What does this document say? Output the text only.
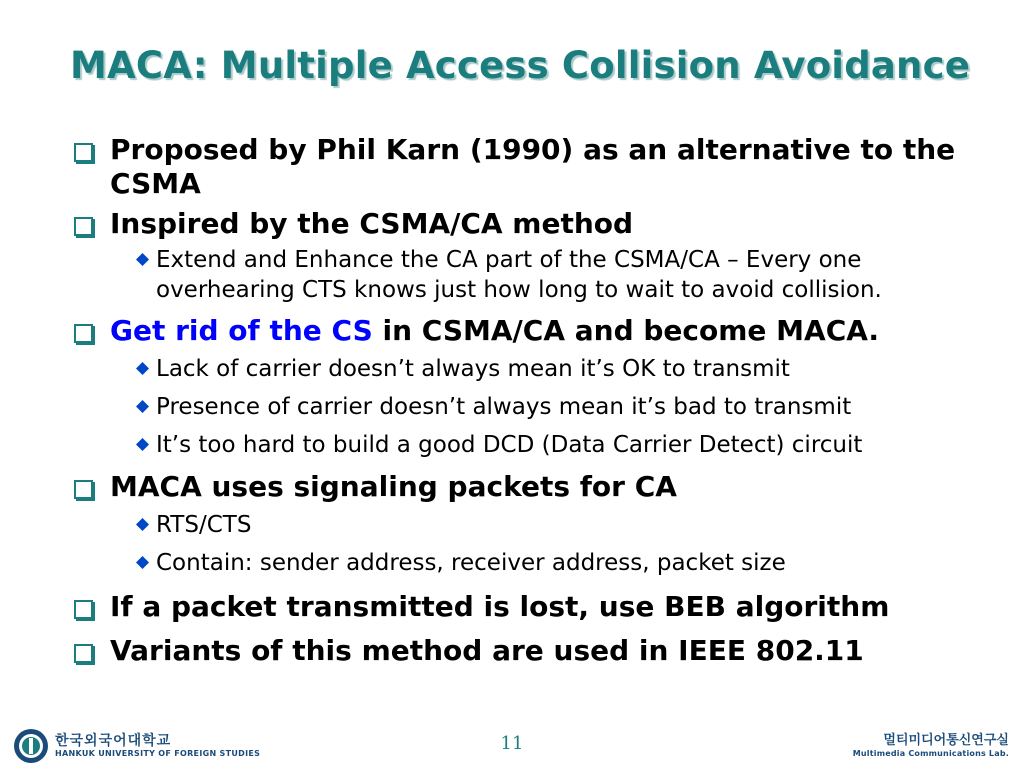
MACA: Multiple Access Collision Avoidance
Proposed by Phil Karn (1990) as an alternative to the CSMA
Inspired by the CSMA/CA method
Extend and Enhance the CA part of the CSMA/CA – Every one overhearing CTS knows just how long to wait to avoid collision.
Get rid of the CS in CSMA/CA and become MACA.
Lack of carrier doesn’t always mean it’s OK to transmit
Presence of carrier doesn’t always mean it’s bad to transmit
It’s too hard to build a good DCD (Data Carrier Detect) circuit
MACA uses signaling packets for CA
RTS/CTS
Contain: sender address, receiver address, packet size
If a packet transmitted is lost, use BEB algorithm
Variants of this method are used in IEEE 802.11
한국외국어대학교
HANKUK UNIVERSITY OF FOREIGN STUDIES	11	멀티미디어통신연구실
Multimedia Communications Lab.
